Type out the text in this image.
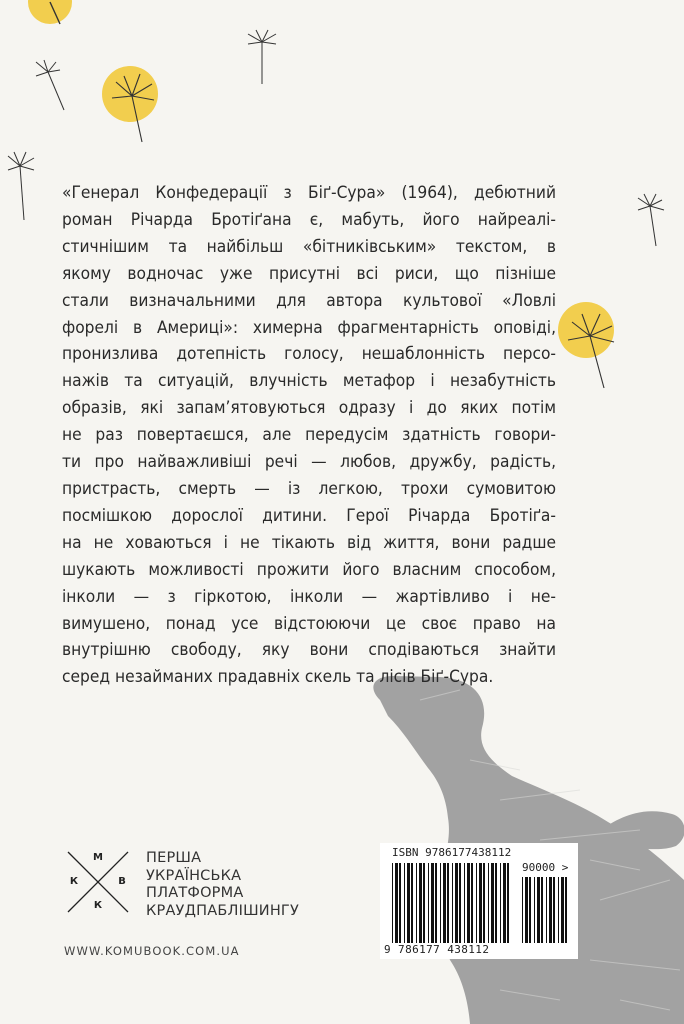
«Генерал Конфедерації з Біґ-Сура» (1964), дебютний
роман Річарда Бротіґана є, мабуть, його найреалі-
стичнішим та найбільш «бітниківським» текстом, в
якому водночас уже присутні всі риси, що пізніше
стали визначальними для автора культової «Ловлі
форелі в Америці»: химерна фрагментарність оповіді,
пронизлива дотепність голосу, нешаблонність персо-
нажів та ситуацій, влучність метафор і незабутність
образів, які запам’ятовуються одразу і до яких потім
не раз повертаєшся, але передусім здатність говори-
ти про найважливіші речі — любов, дружбу, радість,
пристрасть, смерть — із легкою, трохи сумовитою
посмішкою дорослої дитини. Герої Річарда Бротіґа-
на не ховаються і не тікають від життя, вони радше
шукають можливості прожити його власним способом,
інколи — з гіркотою, інколи — жартівливо і не-
вимушено, понад усе відстоюючи це своє право на
внутрішню свободу, яку вони сподіваються знайти
серед незайманих прадавніх скель та лісів Біґ-Сура.
М
К	В
К
ПЕРША
УКРАЇНСЬКА
ПЛАТФОРМА
КРАУДПАБЛІШИНГУ
WWW.KOMUBOOK.COM.UA
ISBN 9786177438112
90000 >
9 786177 438112
